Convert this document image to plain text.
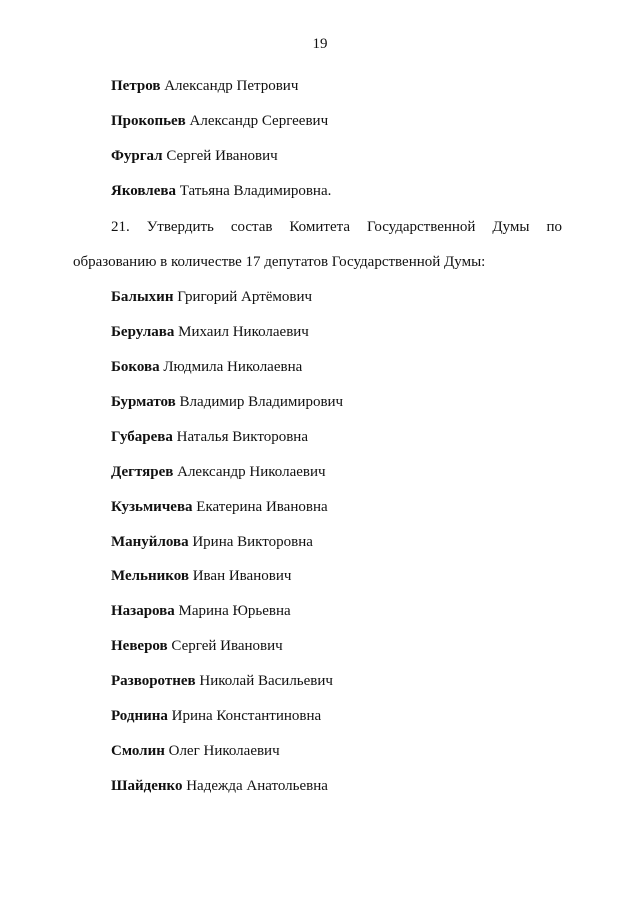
19
Петров Александр Петрович
Прокопьев Александр Сергеевич
Фургал Сергей Иванович
Яковлева Татьяна Владимировна.
21. Утвердить состав Комитета Государственной Думы по
образованию в количестве 17 депутатов Государственной Думы:
Балыхин Григорий Артёмович
Берулава Михаил Николаевич
Бокова Людмила Николаевна
Бурматов Владимир Владимирович
Губарева Наталья Викторовна
Дегтярев Александр Николаевич
Кузьмичева Екатерина Ивановна
Мануйлова Ирина Викторовна
Мельников Иван Иванович
Назарова Марина Юрьевна
Неверов Сергей Иванович
Разворотнев Николай Васильевич
Роднина Ирина Константиновна
Смолин Олег Николаевич
Шайденко Надежда Анатольевна
